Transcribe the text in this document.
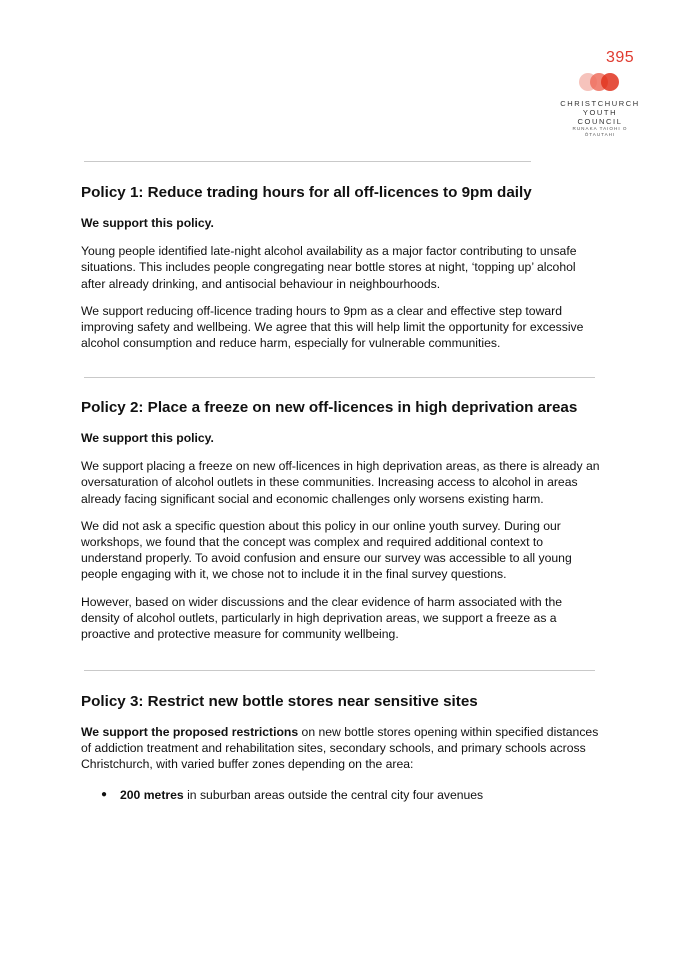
395
CHRISTCHURCH
YOUTH COUNCIL
RUNAKA TAIOHI O
ŌTAUTAHI
Policy 1: Reduce trading hours for all off-licences to 9pm daily

We support this policy.

Young people identified late-night alcohol availability as a major factor contributing to unsafe situations. This includes people congregating near bottle stores at night, ‘topping up’ alcohol after already drinking, and antisocial behaviour in neighbourhoods.

We support reducing off-licence trading hours to 9pm as a clear and effective step toward improving safety and wellbeing. We agree that this will help limit the opportunity for excessive alcohol consumption and reduce harm, especially for vulnerable communities.

Policy 2: Place a freeze on new off-licences in high deprivation areas

We support this policy.

We support placing a freeze on new off-licences in high deprivation areas, as there is already an oversaturation of alcohol outlets in these communities. Increasing access to alcohol in areas already facing significant social and economic challenges only worsens existing harm.

We did not ask a specific question about this policy in our online youth survey. During our workshops, we found that the concept was complex and required additional context to understand properly. To avoid confusion and ensure our survey was accessible to all young people engaging with it, we chose not to include it in the final survey questions.

However, based on wider discussions and the clear evidence of harm associated with the density of alcohol outlets, particularly in high deprivation areas, we support a freeze as a proactive and protective measure for community wellbeing.

Policy 3: Restrict new bottle stores near sensitive sites

We support the proposed restrictions on new bottle stores opening within specified distances of addiction treatment and rehabilitation sites, secondary schools, and primary schools across Christchurch, with varied buffer zones depending on the area:

● 200 metres in suburban areas outside the central city four avenues
